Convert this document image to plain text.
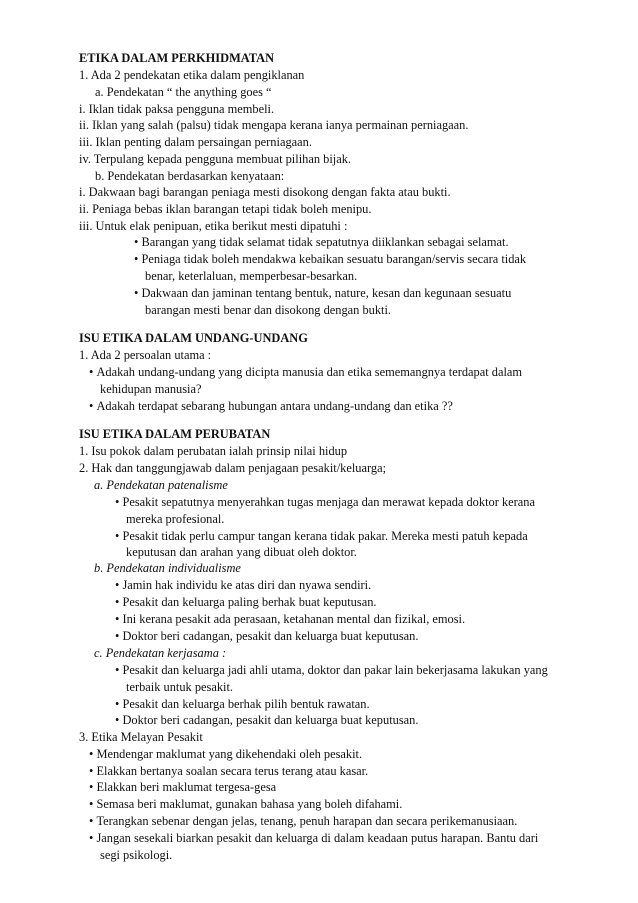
ETIKA DALAM PERKHIDMATAN
1. Ada 2 pendekatan etika dalam pengiklanan
a. Pendekatan “ the anything goes “
i. Iklan tidak paksa pengguna membeli.
ii. Iklan yang salah (palsu) tidak mengapa kerana ianya permainan perniagaan.
iii. Iklan penting dalam persaingan perniagaan.
iv. Terpulang kepada pengguna membuat pilihan bijak.
b. Pendekatan berdasarkan kenyataan:
i. Dakwaan bagi barangan peniaga mesti disokong dengan fakta atau bukti.
ii. Peniaga bebas iklan barangan tetapi tidak boleh menipu.
iii. Untuk elak penipuan, etika berikut mesti dipatuhi :
• Barangan yang tidak selamat tidak sepatutnya diiklankan sebagai selamat.
• Peniaga tidak boleh mendakwa kebaikan sesuatu barangan/servis secara tidak
benar, keterlaluan, memperbesar-besarkan.
• Dakwaan dan jaminan tentang bentuk, nature, kesan dan kegunaan sesuatu
barangan mesti benar dan disokong dengan bukti.
ISU ETIKA DALAM UNDANG-UNDANG
1. Ada 2 persoalan utama :
• Adakah undang-undang yang dicipta manusia dan etika sememangnya terdapat dalam
kehidupan manusia?
• Adakah terdapat sebarang hubungan antara undang-undang dan etika ??
ISU ETIKA DALAM PERUBATAN
1. Isu pokok dalam perubatan ialah prinsip nilai hidup
2. Hak dan tanggungjawab dalam penjagaan pesakit/keluarga;
a. Pendekatan patenalisme
• Pesakit sepatutnya menyerahkan tugas menjaga dan merawat kepada doktor kerana
mereka profesional.
• Pesakit tidak perlu campur tangan kerana tidak pakar. Mereka mesti patuh kepada
keputusan dan arahan yang dibuat oleh doktor.
b. Pendekatan individualisme
• Jamin hak individu ke atas diri dan nyawa sendiri.
• Pesakit dan keluarga paling berhak buat keputusan.
• Ini kerana pesakit ada perasaan, ketahanan mental dan fizikal, emosi.
• Doktor beri cadangan, pesakit dan keluarga buat keputusan.
c. Pendekatan kerjasama :
• Pesakit dan keluarga jadi ahli utama, doktor dan pakar lain bekerjasama lakukan yang
terbaik untuk pesakit.
• Pesakit dan keluarga berhak pilih bentuk rawatan.
• Doktor beri cadangan, pesakit dan keluarga buat keputusan.
3. Etika Melayan Pesakit
• Mendengar maklumat yang dikehendaki oleh pesakit.
• Elakkan bertanya soalan secara terus terang atau kasar.
• Elakkan beri maklumat tergesa-gesa
• Semasa beri maklumat, gunakan bahasa yang boleh difahami.
• Terangkan sebenar dengan jelas, tenang, penuh harapan dan secara perikemanusiaan.
• Jangan sesekali biarkan pesakit dan keluarga di dalam keadaan putus harapan. Bantu dari
segi psikologi.
